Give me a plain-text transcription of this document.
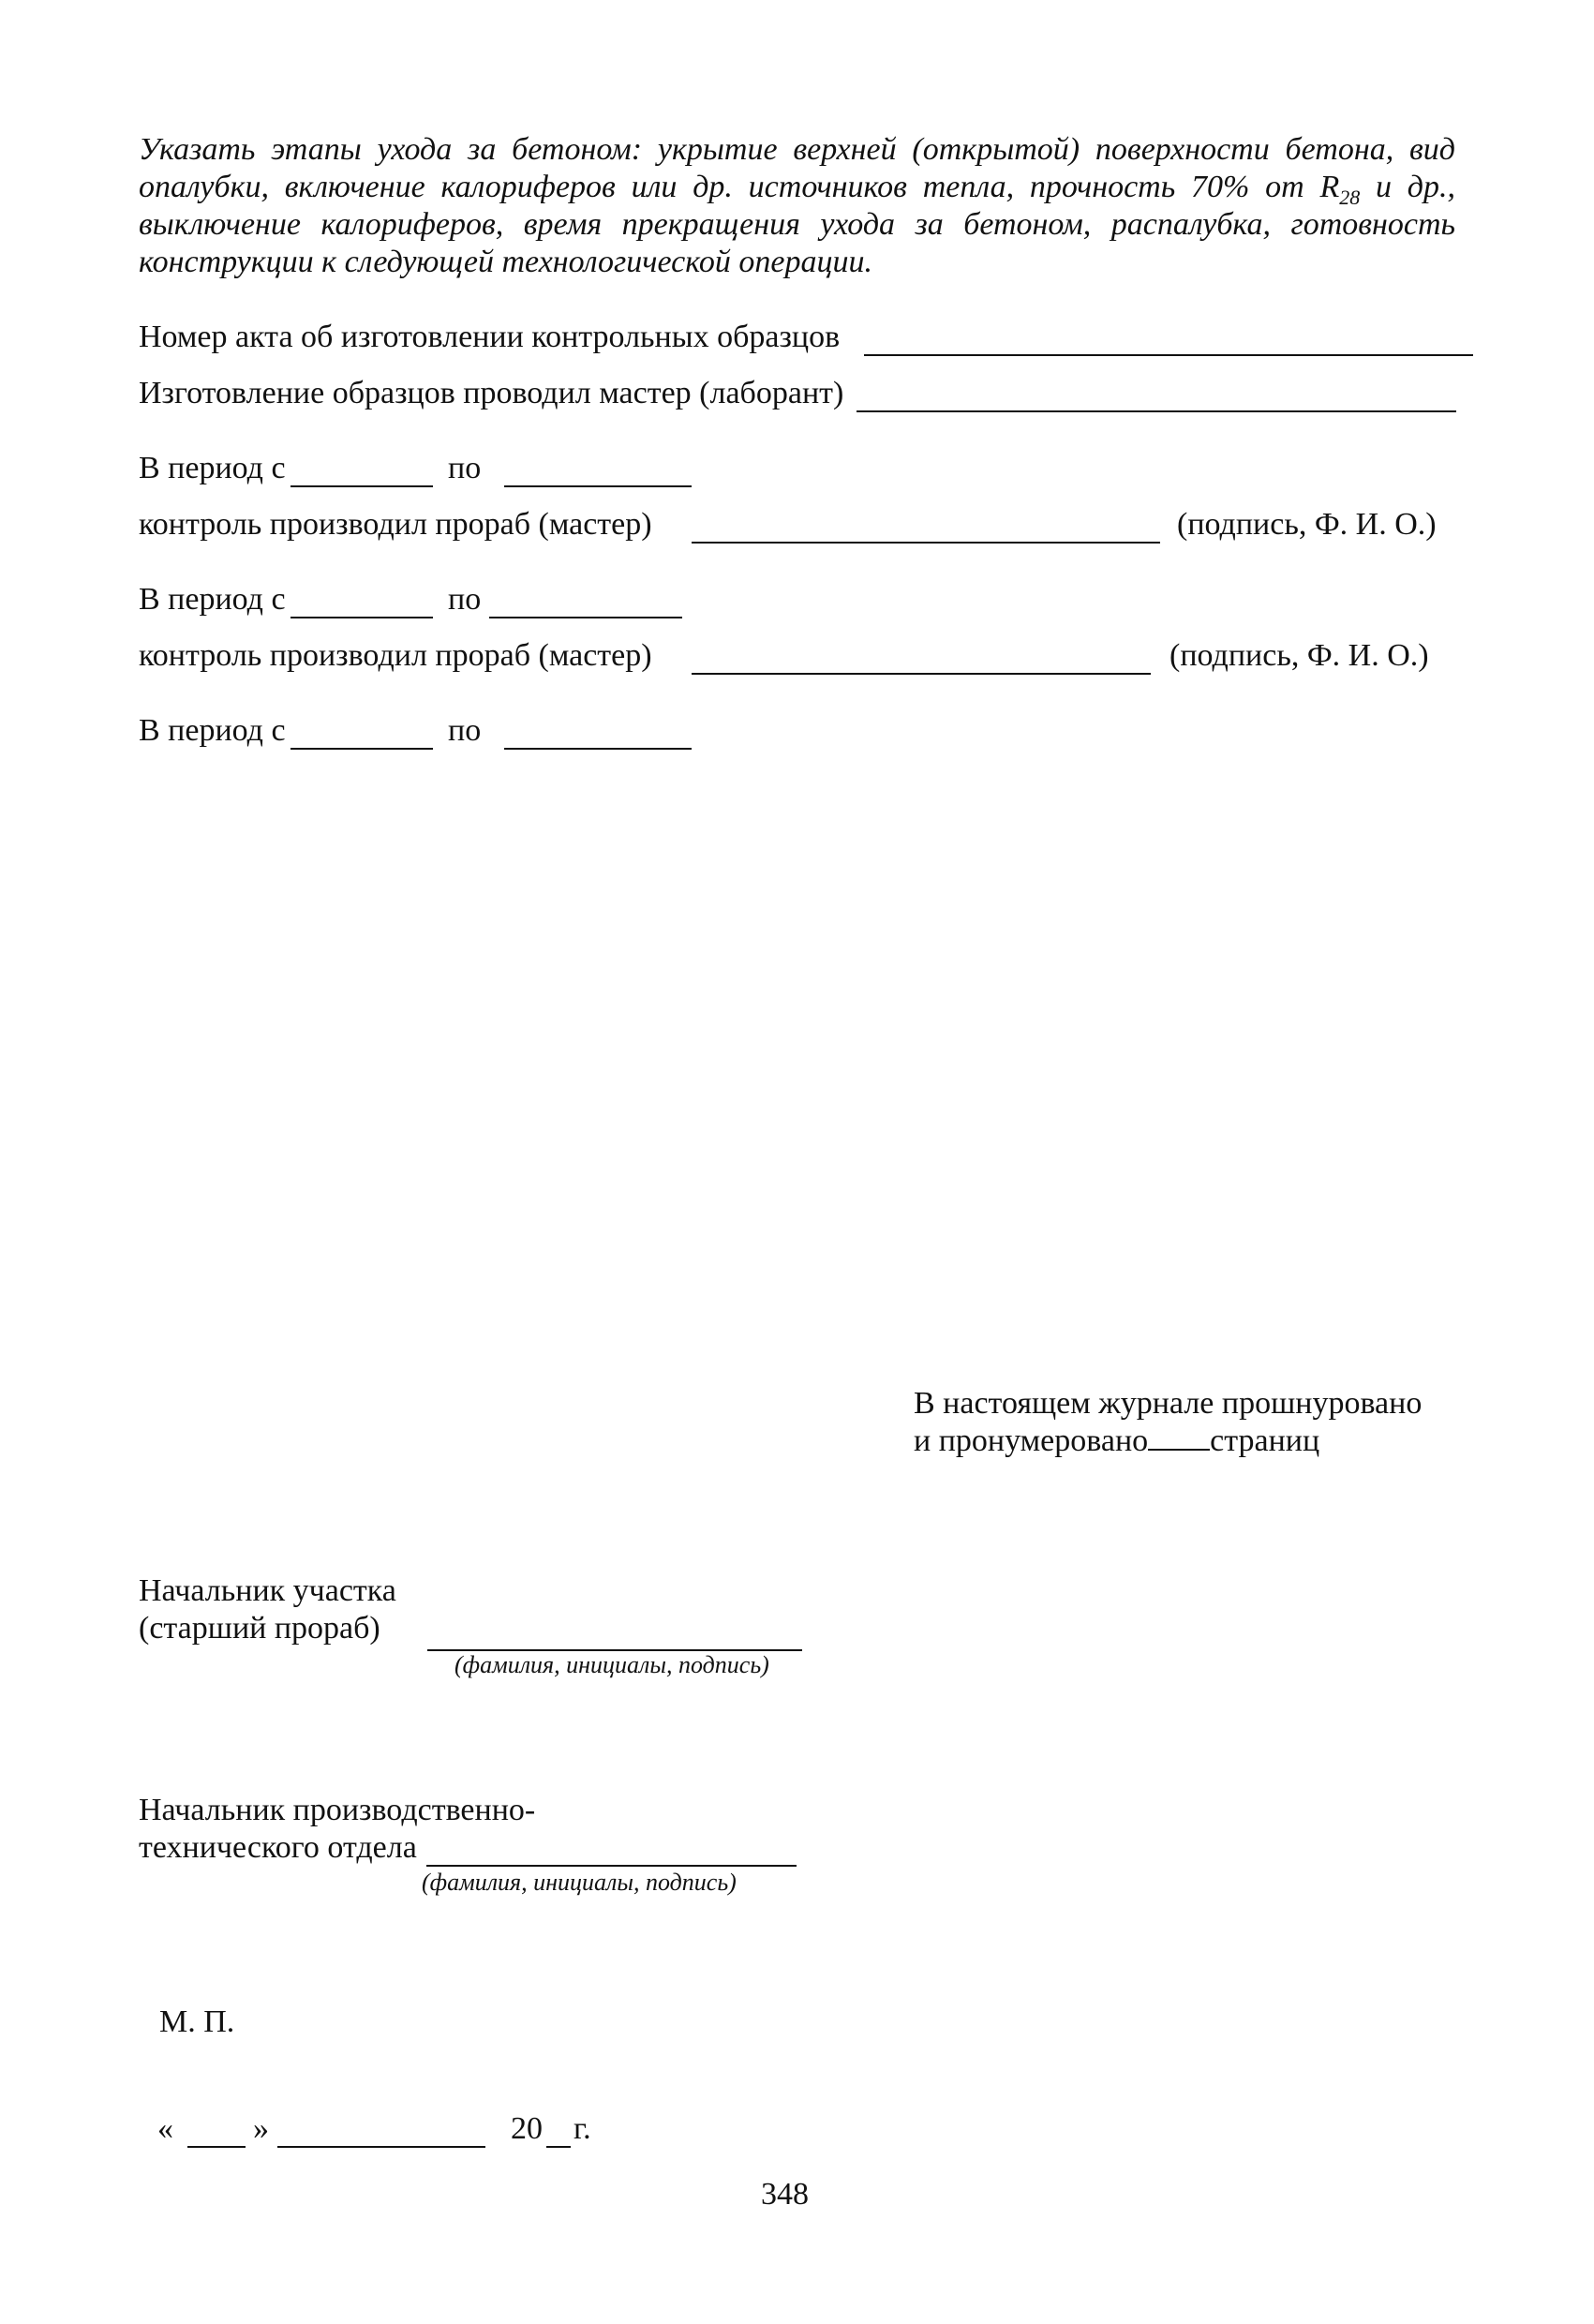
Указать этапы ухода за бетоном: укрытие верхней (открытой) поверхности бетона, вид опалубки, включение калориферов или др. источников тепла, прочность 70% от $R_{28}$ и др., выключение калориферов, время прекращения ухода за бетоном, распалубка, готовность конструкции к следующей технологической операции.
Номер акта об изготовлении контрольных образцов
Изготовление образцов проводил мастер (лаборант)
В период с	по
контроль производил прораб (мастер)	(подпись, Ф. И. О.)
В период с	по
контроль производил прораб (мастер)	(подпись, Ф. И. О.)
В период с	по
В настоящем журнале прошнуровано
и пронумеровано страниц
Начальник участка
(старший прораб)
(фамилия, инициалы, подпись)
Начальник производственно-
технического отдела
(фамилия, инициалы, подпись)
М. П.
«	»	20 г.
348
